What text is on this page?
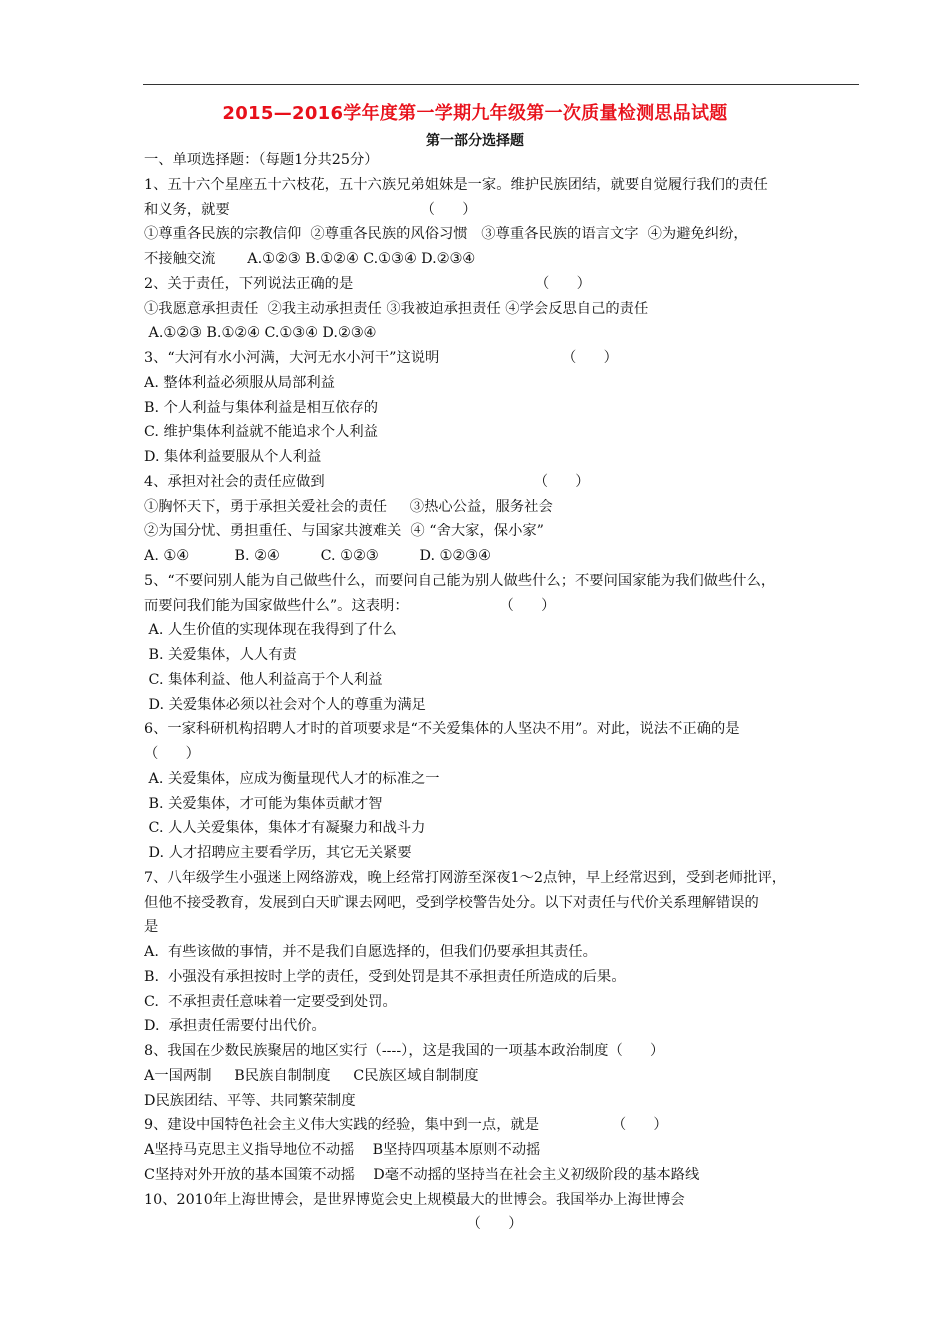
2015—2016学年度第一学期九年级第一次质量检测思品试题
第一部分选择题
一、单项选择题：（每题1分共25分）
1、五十六个星座五十六枝花，五十六族兄弟姐妹是一家。维护民族团结，就要自觉履行我们的责任
和义务，就要                                          （      ）
①尊重各民族的宗教信仰  ②尊重各民族的风俗习惯   ③尊重各民族的语言文字  ④为避免纠纷，
不接触交流       A.①②③ B.①②④ C.①③④ D.②③④
2、关于责任，下列说法正确的是                                        （      ）
①我愿意承担责任  ②我主动承担责任 ③我被迫承担责任 ④学会反思自己的责任
A.①②③ B.①②④ C.①③④ D.②③④
3、“大河有水小河满，大河无水小河干”这说明                           （      ）
A. 整体利益必须服从局部利益
B. 个人利益与集体利益是相互依存的
C. 维护集体利益就不能追求个人利益
D. 集体利益要服从个人利益
4、承担对社会的责任应做到                                              （      ）
①胸怀天下，勇于承担关爱社会的责任     ③热心公益，服务社会
②为国分忧、勇担重任、与国家共渡难关  ④ “舍大家，保小家”
A. ①④          B. ②④         C. ①②③         D. ①②③④
5、“不要问别人能为自己做些什么，而要问自己能为别人做些什么；不要问国家能为我们做些什么，
而要问我们能为国家做些什么”。这表明：                    （      ）
A. 人生价值的实现体现在我得到了什么
B. 关爱集体，人人有责
C. 集体利益、他人利益高于个人利益
D. 关爱集体必须以社会对个人的尊重为满足
6、一家科研机构招聘人才时的首项要求是“不关爱集体的人坚决不用”。对此，说法不正确的是
（      ）
A. 关爱集体，应成为衡量现代人才的标准之一
B. 关爱集体，才可能为集体贡献才智
C. 人人关爱集体，集体才有凝聚力和战斗力
D. 人才招聘应主要看学历，其它无关紧要
7、八年级学生小强迷上网络游戏，晚上经常打网游至深夜1～2点钟，早上经常迟到，受到老师批评，
但他不接受教育，发展到白天旷课去网吧，受到学校警告处分。以下对责任与代价关系理解错误的
是
A.  有些该做的事情，并不是我们自愿选择的，但我们仍要承担其责任。
B.  小强没有承担按时上学的责任，受到处罚是其不承担责任所造成的后果。
C.  不承担责任意味着一定要受到处罚。
D.  承担责任需要付出代价。
8、我国在少数民族聚居的地区实行（----），这是我国的一项基本政治制度（      ）
A一国两制     B民族自制制度     C民族区域自制制度
D民族团结、平等、共同繁荣制度
9、建设中国特色社会主义伟大实践的经验，集中到一点，就是                （      ）
A坚持马克思主义指导地位不动摇    B坚持四项基本原则不动摇
C坚持对外开放的基本国策不动摇    D毫不动摇的坚持当在社会主义初级阶段的基本路线
10、2010年上海世博会，是世界博览会史上规模最大的世博会。我国举办上海世博会
（      ）
